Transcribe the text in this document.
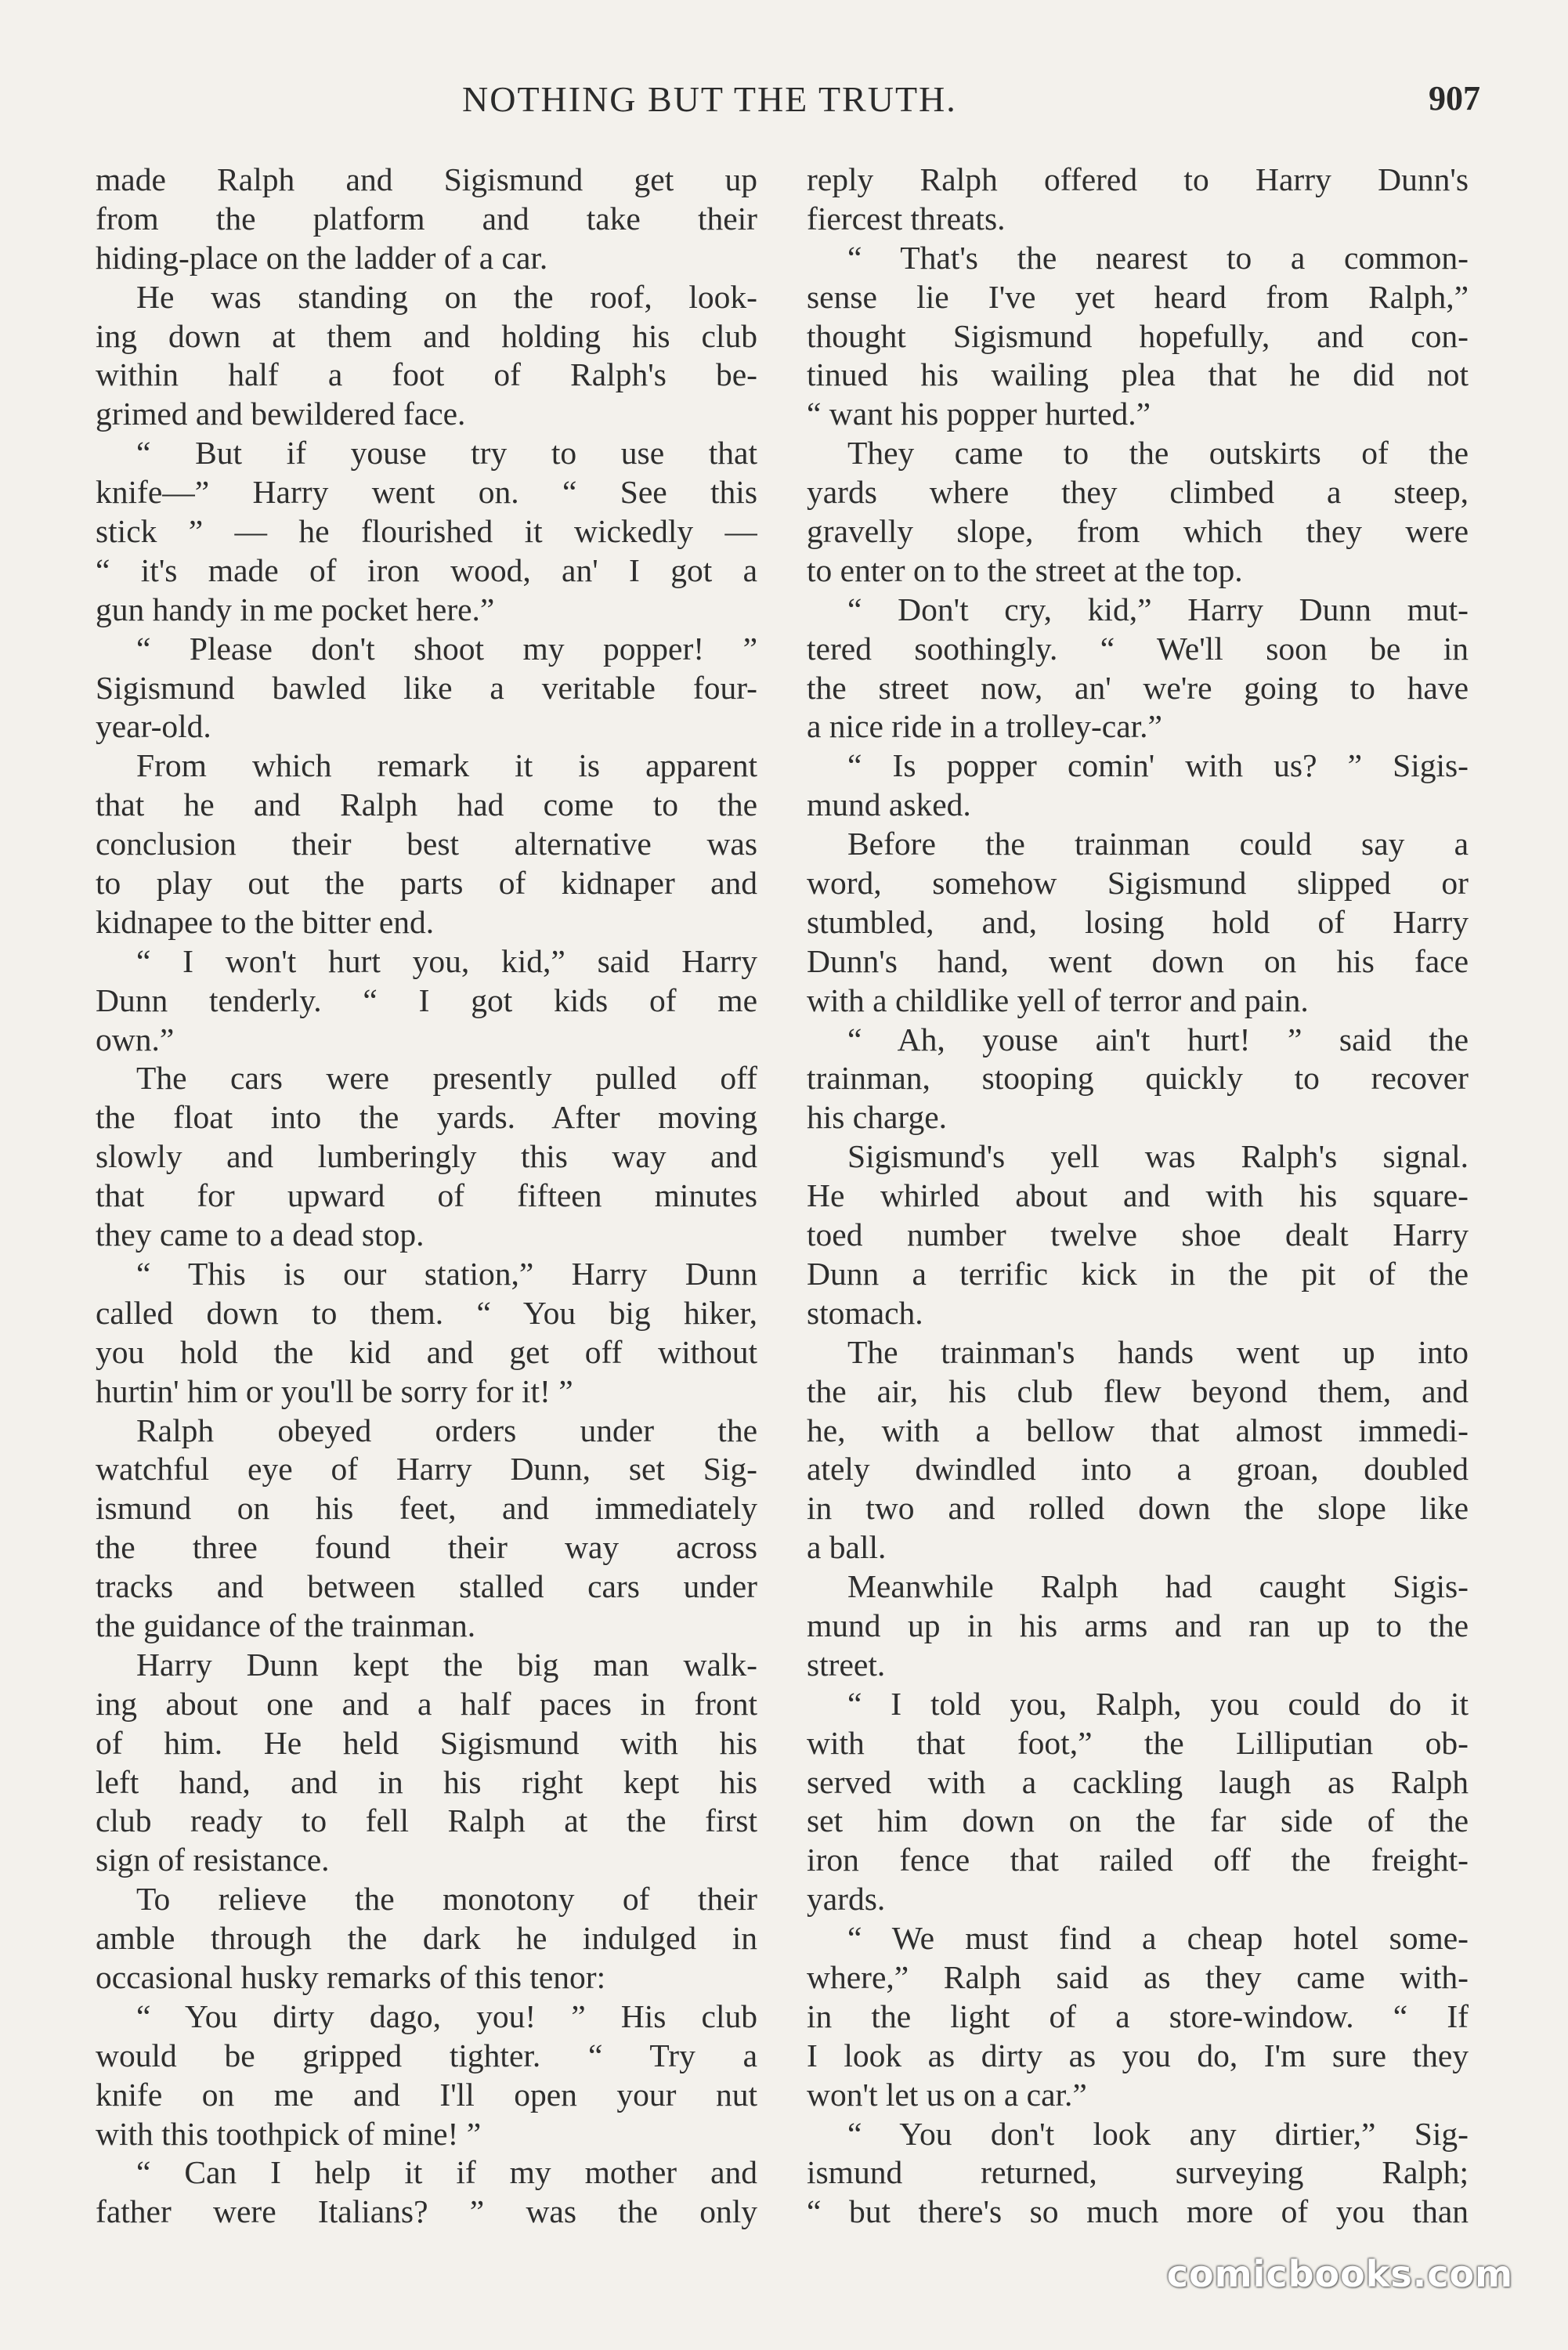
NOTHING BUT THE TRUTH.	907
made Ralph and Sigismund get up
from the platform and take their
hiding-place on the ladder of a car.
He was standing on the roof, look-
ing down at them and holding his club
within half a foot of Ralph's be-
grimed and bewildered face.
“ But if youse try to use that
knife—” Harry went on. “ See this
stick ” — he flourished it wickedly —
“ it's made of iron wood, an' I got a
gun handy in me pocket here.”
“ Please don't shoot my popper! ”
Sigismund bawled like a veritable four-
year-old.
From which remark it is apparent
that he and Ralph had come to the
conclusion their best alternative was
to play out the parts of kidnaper and
kidnapee to the bitter end.
“ I won't hurt you, kid,” said Harry
Dunn tenderly. “ I got kids of me
own.”
The cars were presently pulled off
the float into the yards. After moving
slowly and lumberingly this way and
that for upward of fifteen minutes
they came to a dead stop.
“ This is our station,” Harry Dunn
called down to them. “ You big hiker,
you hold the kid and get off without
hurtin' him or you'll be sorry for it! ”
Ralph obeyed orders under the
watchful eye of Harry Dunn, set Sig-
ismund on his feet, and immediately
the three found their way across
tracks and between stalled cars under
the guidance of the trainman.
Harry Dunn kept the big man walk-
ing about one and a half paces in front
of him. He held Sigismund with his
left hand, and in his right kept his
club ready to fell Ralph at the first
sign of resistance.
To relieve the monotony of their
amble through the dark he indulged in
occasional husky remarks of this tenor:
“ You dirty dago, you! ” His club
would be gripped tighter. “ Try a
knife on me and I'll open your nut
with this toothpick of mine! ”
“ Can I help it if my mother and
father were Italians? ” was the only
reply Ralph offered to Harry Dunn's
fiercest threats.
“ That's the nearest to a common-
sense lie I've yet heard from Ralph,”
thought Sigismund hopefully, and con-
tinued his wailing plea that he did not
“ want his popper hurted.”
They came to the outskirts of the
yards where they climbed a steep,
gravelly slope, from which they were
to enter on to the street at the top.
“ Don't cry, kid,” Harry Dunn mut-
tered soothingly. “ We'll soon be in
the street now, an' we're going to have
a nice ride in a trolley-car.”
“ Is popper comin' with us? ” Sigis-
mund asked.
Before the trainman could say a
word, somehow Sigismund slipped or
stumbled, and, losing hold of Harry
Dunn's hand, went down on his face
with a childlike yell of terror and pain.
“ Ah, youse ain't hurt! ” said the
trainman, stooping quickly to recover
his charge.
Sigismund's yell was Ralph's signal.
He whirled about and with his square-
toed number twelve shoe dealt Harry
Dunn a terrific kick in the pit of the
stomach.
The trainman's hands went up into
the air, his club flew beyond them, and
he, with a bellow that almost immedi-
ately dwindled into a groan, doubled
in two and rolled down the slope like
a ball.
Meanwhile Ralph had caught Sigis-
mund up in his arms and ran up to the
street.
“ I told you, Ralph, you could do it
with that foot,” the Lilliputian ob-
served with a cackling laugh as Ralph
set him down on the far side of the
iron fence that railed off the freight-
yards.
“ We must find a cheap hotel some-
where,” Ralph said as they came with-
in the light of a store-window. “ If
I look as dirty as you do, I'm sure they
won't let us on a car.”
“ You don't look any dirtier,” Sig-
ismund returned, surveying Ralph;
“ but there's so much more of you than
comicbooks.com
